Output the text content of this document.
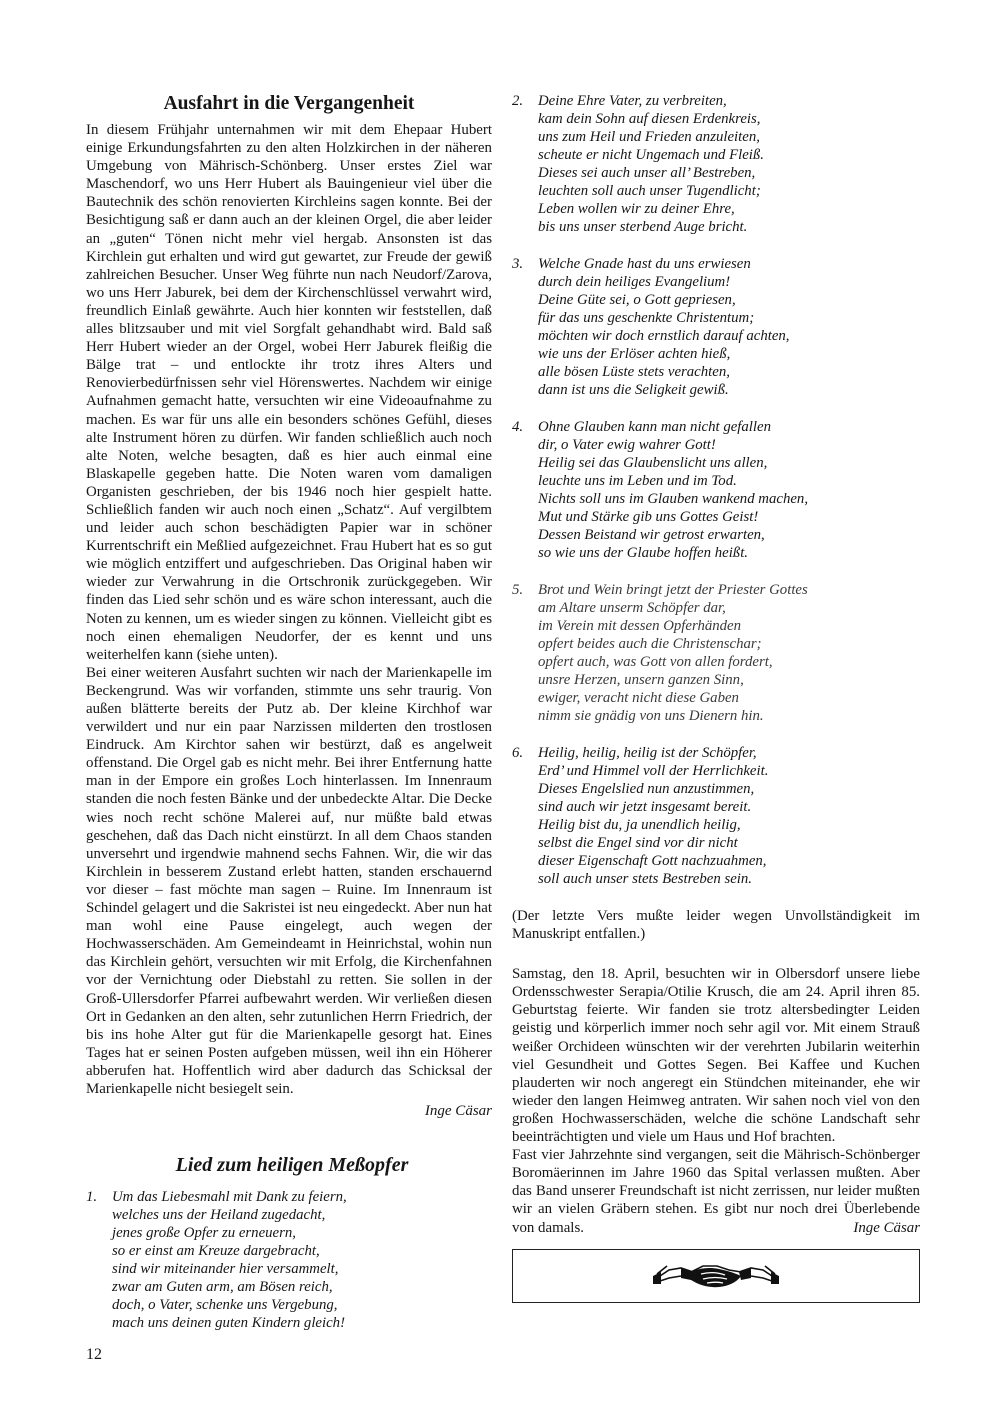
Ausfahrt in die Vergangenheit

In diesem Frühjahr unternahmen wir mit dem Ehepaar Hubert einige Erkundungsfahrten zu den alten Holzkirchen in der näheren Umgebung von Mährisch-Schönberg. Unser erstes Ziel war Maschendorf, wo uns Herr Hubert als Bauingenieur viel über die Bautechnik des schön renovierten Kirchleins sagen konnte. Bei der Besichtigung saß er dann auch an der kleinen Orgel, die aber leider an „guten“ Tönen nicht mehr viel hergab. Ansonsten ist das Kirchlein gut erhalten und wird gut gewartet, zur Freude der gewiß zahlreichen Besucher. Unser Weg führte nun nach Neudorf/Zarova, wo uns Herr Jaburek, bei dem der Kirchenschlüssel verwahrt wird, freundlich Einlaß gewährte. Auch hier konnten wir feststellen, daß alles blitzsauber und mit viel Sorgfalt gehandhabt wird. Bald saß Herr Hubert wieder an der Orgel, wobei Herr Jaburek fleißig die Bälge trat – und entlockte ihr trotz ihres Alters und Renovierbedürfnissen sehr viel Hörenswertes. Nachdem wir einige Aufnahmen gemacht hatte, versuchten wir eine Videoaufnahme zu machen. Es war für uns alle ein besonders schönes Gefühl, dieses alte Instrument hören zu dürfen. Wir fanden schließlich auch noch alte Noten, welche besagten, daß es hier auch einmal eine Blaskapelle gegeben hatte. Die Noten waren vom damaligen Organisten geschrieben, der bis 1946 noch hier gespielt hatte. Schließlich fanden wir auch noch einen „Schatz“. Auf vergilbtem und leider auch schon beschädigten Papier war in schöner Kurrentschrift ein Meßlied aufgezeichnet. Frau Hubert hat es so gut wie möglich entziffert und aufgeschrieben. Das Original haben wir wieder zur Verwahrung in die Ortschronik zurückgegeben. Wir finden das Lied sehr schön und es wäre schon interessant, auch die Noten zu kennen, um es wieder singen zu können. Vielleicht gibt es noch einen ehemaligen Neudorfer, der es kennt und uns weiterhelfen kann (siehe unten).

Bei einer weiteren Ausfahrt suchten wir nach der Marienkapelle im Beckengrund. Was wir vorfanden, stimmte uns sehr traurig. Von außen blätterte bereits der Putz ab. Der kleine Kirchhof war verwildert und nur ein paar Narzissen milderten den trostlosen Eindruck. Am Kirchtor sahen wir bestürzt, daß es angelweit offenstand. Die Orgel gab es nicht mehr. Bei ihrer Entfernung hatte man in der Empore ein großes Loch hinterlassen. Im Innenraum standen die noch festen Bänke und der unbedeckte Altar. Die Decke wies noch recht schöne Malerei auf, nur müßte bald etwas geschehen, daß das Dach nicht einstürzt. In all dem Chaos standen unversehrt und irgendwie mahnend sechs Fahnen. Wir, die wir das Kirchlein in besserem Zustand erlebt hatten, standen erschauernd vor dieser – fast möchte man sagen – Ruine. Im Innenraum ist Schindel gelagert und die Sakristei ist neu eingedeckt. Aber nun hat man wohl eine Pause eingelegt, auch wegen der Hochwasserschäden. Am Gemeindeamt in Heinrichstal, wohin nun das Kirchlein gehört, versuchten wir mit Erfolg, die Kirchenfahnen vor der Vernichtung oder Diebstahl zu retten. Sie sollen in der Groß-Ullersdorfer Pfarrei aufbewahrt werden. Wir verließen diesen Ort in Gedanken an den alten, sehr zutunlichen Herrn Friedrich, der bis ins hohe Alter gut für die Marienkapelle gesorgt hat. Eines Tages hat er seinen Posten aufgeben müssen, weil ihn ein Höherer abberufen hat. Hoffentlich wird aber dadurch das Schicksal der Marienkapelle nicht besiegelt sein.

Inge Cäsar
Lied zum heiligen Meßopfer
1.	Um das Liebesmahl mit Dank zu feiern,
welches uns der Heiland zugedacht,
jenes große Opfer zu erneuern,
so er einst am Kreuze dargebracht,
sind wir miteinander hier versammelt,
zwar am Guten arm, am Bösen reich,
doch, o Vater, schenke uns Vergebung,
mach uns deinen guten Kindern gleich!
2.	Deine Ehre Vater, zu verbreiten,
kam dein Sohn auf diesen Erdenkreis,
uns zum Heil und Frieden anzuleiten,
scheute er nicht Ungemach und Fleiß.
Dieses sei auch unser all’ Bestreben,
leuchten soll auch unser Tugendlicht;
Leben wollen wir zu deiner Ehre,
bis uns unser sterbend Auge bricht.
3.	Welche Gnade hast du uns erwiesen
durch dein heiliges Evangelium!
Deine Güte sei, o Gott gepriesen,
für das uns geschenkte Christentum;
möchten wir doch ernstlich darauf achten,
wie uns der Erlöser achten hieß,
alle bösen Lüste stets verachten,
dann ist uns die Seligkeit gewiß.
4.	Ohne Glauben kann man nicht gefallen
dir, o Vater ewig wahrer Gott!
Heilig sei das Glaubenslicht uns allen,
leuchte uns im Leben und im Tod.
Nichts soll uns im Glauben wankend machen,
Mut und Stärke gib uns Gottes Geist!
Dessen Beistand wir getrost erwarten,
so wie uns der Glaube hoffen heißt.
5.	Brot und Wein bringt jetzt der Priester Gottes
am Altare unserm Schöpfer dar,
im Verein mit dessen Opferhänden
opfert beides auch die Christenschar;
opfert auch, was Gott von allen fordert,
unsre Herzen, unsern ganzen Sinn,
ewiger, veracht nicht diese Gaben
nimm sie gnädig von uns Dienern hin.
6.	Heilig, heilig, heilig ist der Schöpfer,
Erd’ und Himmel voll der Herrlichkeit.
Dieses Engelslied nun anzustimmen,
sind auch wir jetzt insgesamt bereit.
Heilig bist du, ja unendlich heilig,
selbst die Engel sind vor dir nicht
dieser Eigenschaft Gott nachzuahmen,
soll auch unser stets Bestreben sein.

(Der letzte Vers mußte leider wegen Unvollständigkeit im Manuskript entfallen.)

Samstag, den 18. April, besuchten wir in Olbersdorf unsere liebe Ordensschwester Serapia/Otilie Krusch, die am 24. April ihren 85. Geburtstag feierte. Wir fanden sie trotz altersbedingter Leiden geistig und körperlich immer noch sehr agil vor. Mit einem Strauß weißer Orchideen wünschten wir der verehrten Jubilarin weiterhin viel Gesundheit und Gottes Segen. Bei Kaffee und Kuchen plauderten wir noch angeregt ein Stündchen miteinander, ehe wir wieder den langen Heimweg antraten. Wir sahen noch viel von den großen Hochwasserschäden, welche die schöne Landschaft sehr beeinträchtigten und viele um Haus und Hof brachten.

Fast vier Jahrzehnte sind vergangen, seit die Mährisch-Schönberger Boromäerinnen im Jahre 1960 das Spital verlassen mußten. Aber das Band unserer Freundschaft ist nicht zerrissen, nur leider mußten wir an vielen Gräbern stehen. Es gibt nur noch drei Überlebende von damals.	Inge Cäsar

12
